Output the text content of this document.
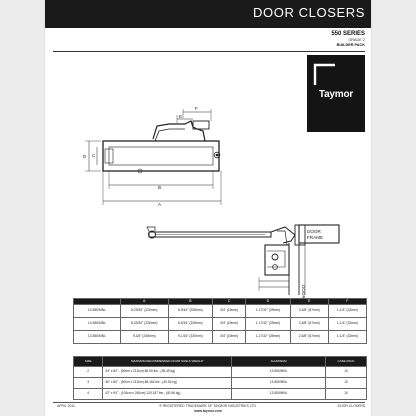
DOOR CLOSERS
550 SERIES
GRADE 2
BUILDER PACK
Taymor
F
E
D C
B
A
DOOR
FRAME
DOOR
	A	B	C	D	E	F
13-550/MNL	8-29/32" (226mm)	8-5/16" (208mm)	3/4" (19mm)	1-17/32" (39mm)	2-5/8" (67mm)	1-1/4" (32mm)
13-550/MNL	8-29/32" (226mm)	8-5/16" (208mm)	3/4" (19mm)	1-17/32" (39mm)	2-5/8" (67mm)	1-1/4" (32mm)
13-550/MNL	9-3/4" (248mm)	9-1/16" (230mm)	3/4" (19mm)	1-17/32" (39mm)	2-5/8" (67mm)	1-1/4" (32mm)
SIZE	MAXIMUM RECOMMENDED DOOR SIZE & WEIGHT	ALUMINUM	CASE PACK
2	34" x 84" - (90cm x 213cm) 85-90 lbs - (35-45 kg)	13-550/MNL	10
3	36" x 84" - (90cm x 213cm) 88-164 lbs - (40-54 kg)	13-550/MNL	10
4	42" x 94" - (105cm x 240cm) 120-187 lbs - (40-56 kg)	13-550/MNL	10
APRIL 2011	® REGISTERED TRADEMARK OF TAYMOR INDUSTRIES LTD.
www.taymor.com
DOOR CLOSERS
